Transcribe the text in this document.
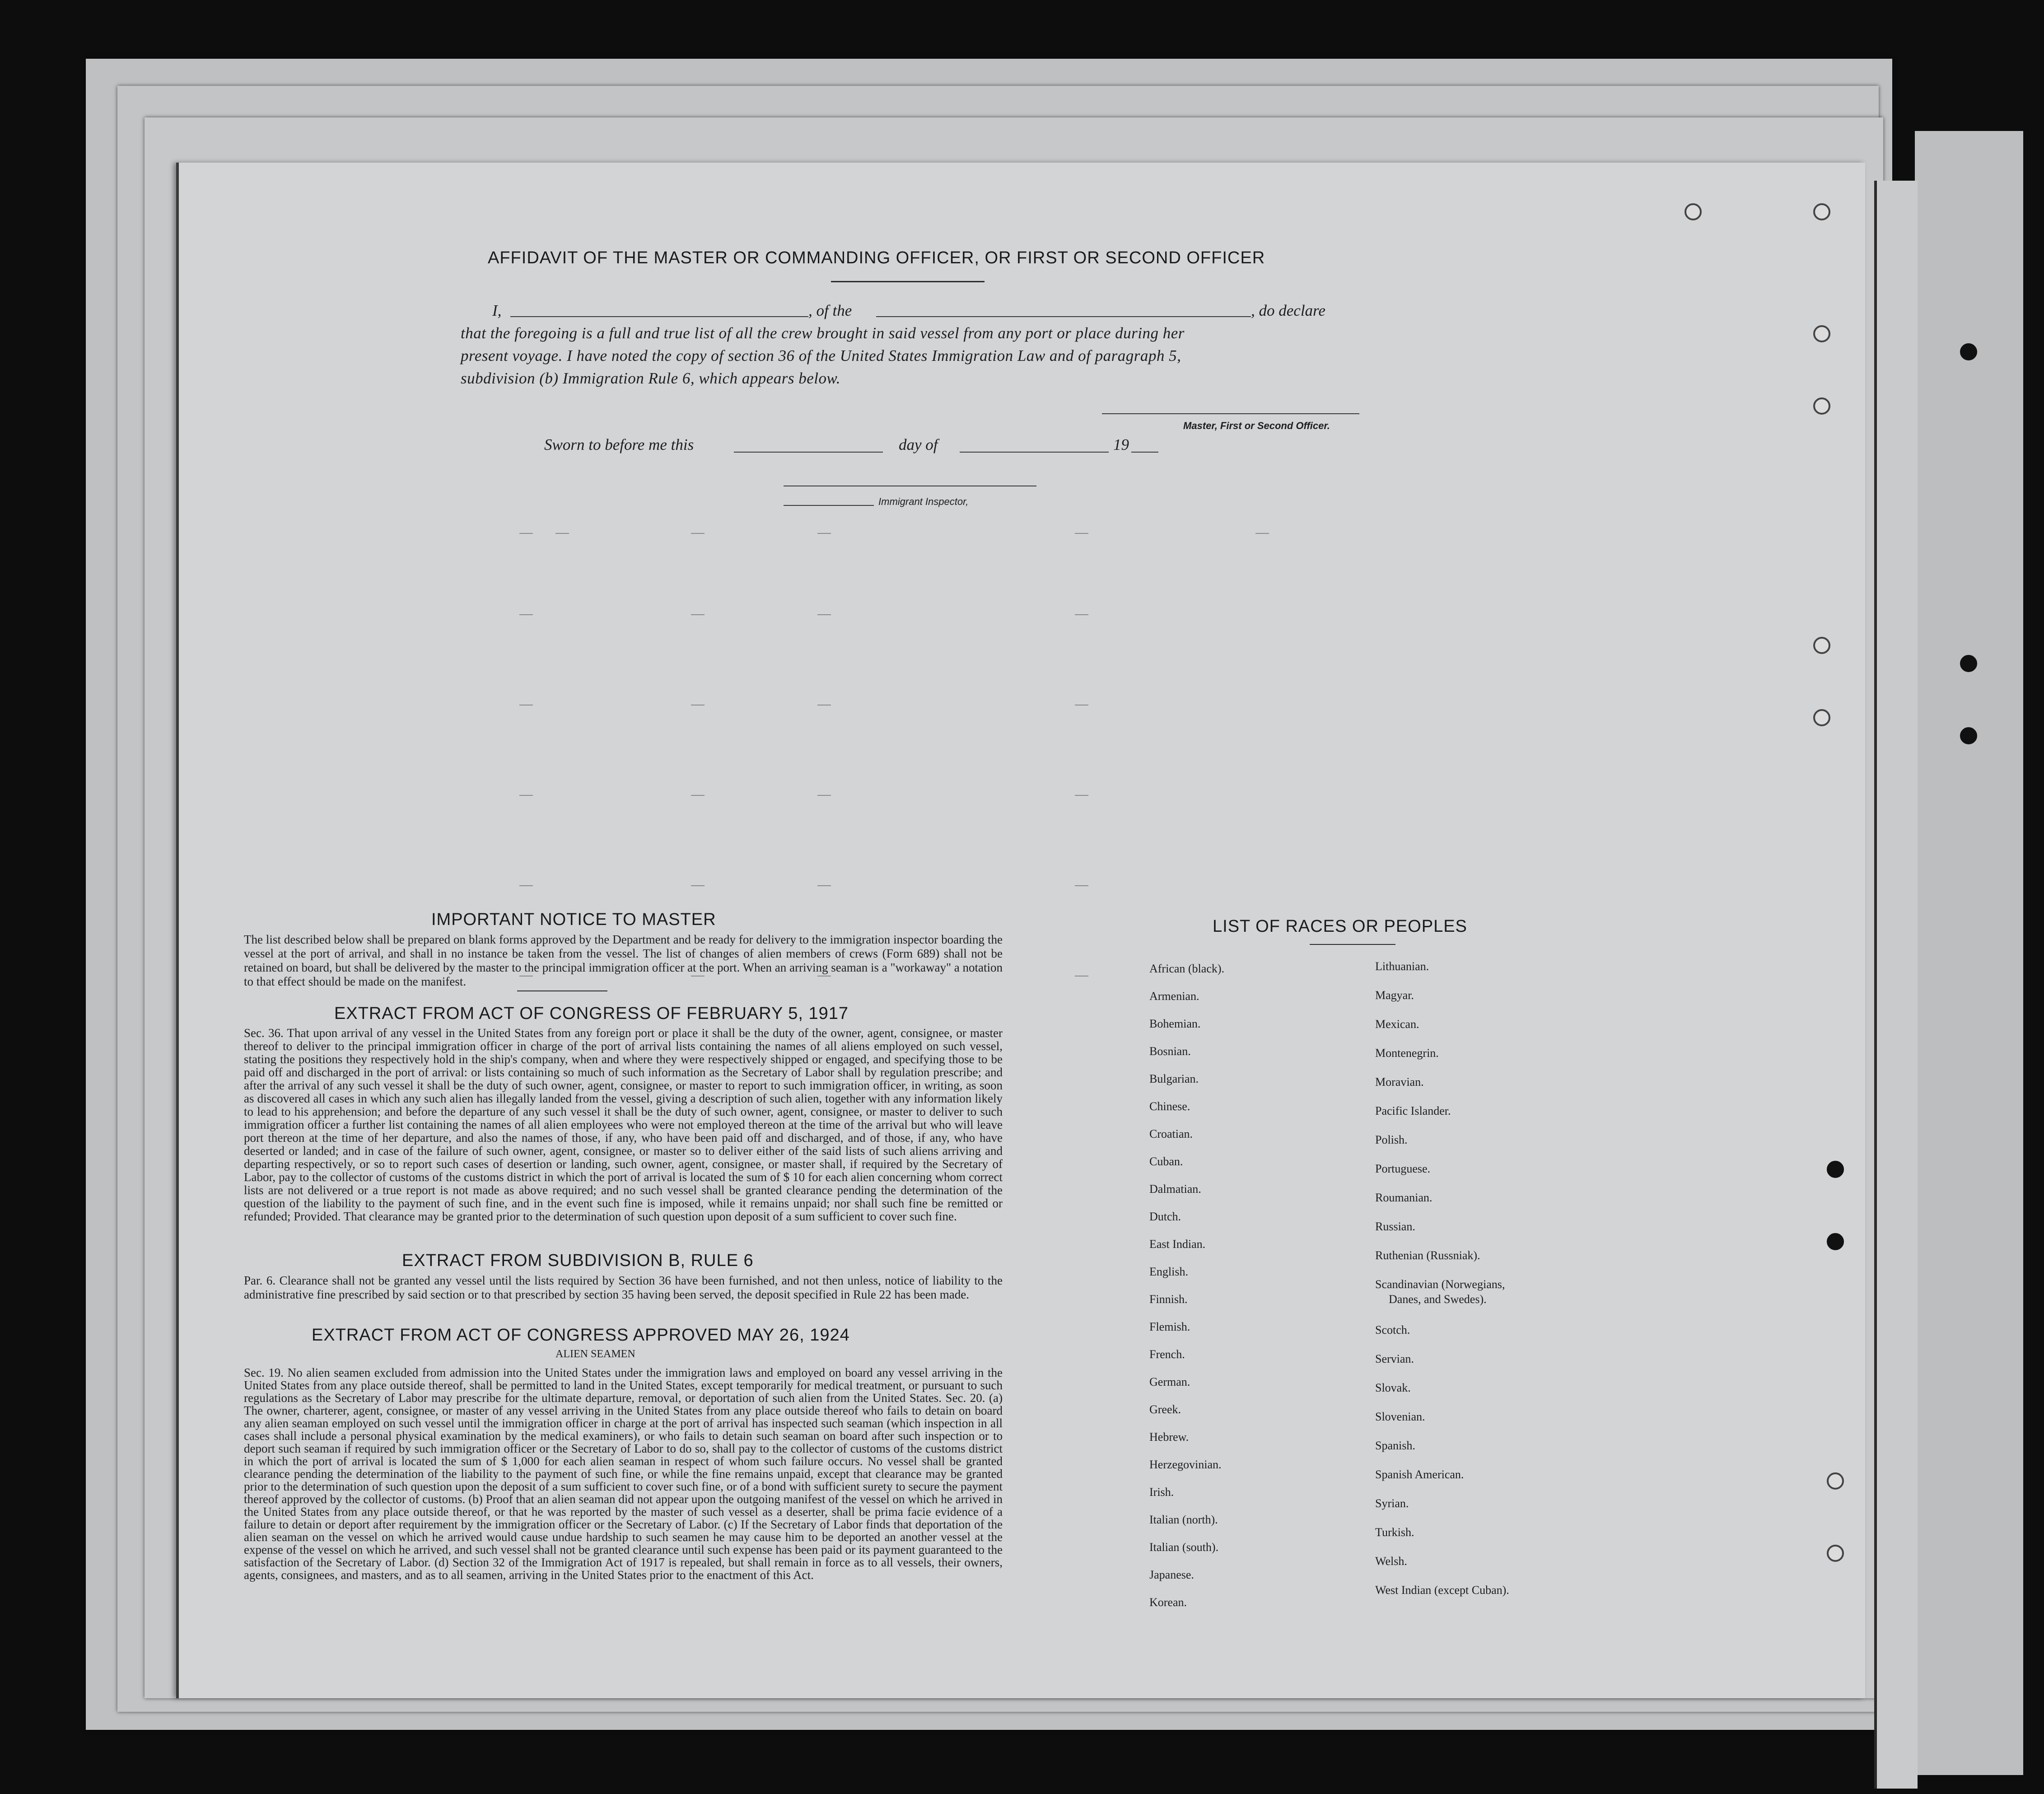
AFFIDAVIT OF THE MASTER OR COMMANDING OFFICER, OR FIRST OR SECOND OFFICER
I,	, of the	, do declare
that the foregoing is a full and true list of all the crew brought in said vessel from any port or place during her
present voyage. I have noted the copy of section 36 of the United States Immigration Law and of paragraph 5,
subdivision (b) Immigration Rule 6, which appears below.
Master, First or Second Officer.
Sworn to before me this	day of	19
Immigrant Inspector,
IMPORTANT NOTICE TO MASTER
The list described below shall be prepared on blank forms approved by the Department and be ready for delivery to the immigration inspector boarding the vessel at the port of arrival, and shall in no instance be taken from the vessel. The list of changes of alien members of crews (Form 689) shall not be retained on board, but shall be delivered by the master to the principal immigration officer at the port. When an arriving seaman is a "workaway" a notation to that effect should be made on the manifest.
EXTRACT FROM ACT OF CONGRESS OF FEBRUARY 5, 1917
Sec. 36. That upon arrival of any vessel in the United States from any foreign port or place it shall be the duty of the owner, agent, consignee, or master thereof to deliver to the principal immigration officer in charge of the port of arrival lists containing the names of all aliens employed on such vessel, stating the positions they respectively hold in the ship's company, when and where they were respectively shipped or engaged, and specifying those to be paid off and discharged in the port of arrival: or lists containing so much of such information as the Secretary of Labor shall by regulation prescribe; and after the arrival of any such vessel it shall be the duty of such owner, agent, consignee, or master to report to such immigration officer, in writing, as soon as discovered all cases in which any such alien has illegally landed from the vessel, giving a description of such alien, together with any information likely to lead to his apprehension; and before the departure of any such vessel it shall be the duty of such owner, agent, consignee, or master to deliver to such immigration officer a further list containing the names of all alien employees who were not employed thereon at the time of the arrival but who will leave port thereon at the time of her departure, and also the names of those, if any, who have been paid off and discharged, and of those, if any, who have deserted or landed; and in case of the failure of such owner, agent, consignee, or master so to deliver either of the said lists of such aliens arriving and departing respectively, or so to report such cases of desertion or landing, such owner, agent, consignee, or master shall, if required by the Secretary of Labor, pay to the collector of customs of the customs district in which the port of arrival is located the sum of $ 10 for each alien concerning whom correct lists are not delivered or a true report is not made as above required; and no such vessel shall be granted clearance pending the determination of the question of the liability to the payment of such fine, and in the event such fine is imposed, while it remains unpaid; nor shall such fine be remitted or refunded; Provided. That clearance may be granted prior to the determination of such question upon deposit of a sum sufficient to cover such fine.
EXTRACT FROM SUBDIVISION B, RULE 6
Par. 6. Clearance shall not be granted any vessel until the lists required by Section 36 have been furnished, and not then unless, notice of liability to the administrative fine prescribed by said section or to that prescribed by section 35 having been served, the deposit specified in Rule 22 has been made.
EXTRACT FROM ACT OF CONGRESS APPROVED MAY 26, 1924
ALIEN SEAMEN
Sec. 19. No alien seamen excluded from admission into the United States under the immigration laws and employed on board any vessel arriving in the United States from any place outside thereof, shall be permitted to land in the United States, except temporarily for medical treatment, or pursuant to such regulations as the Secretary of Labor may prescribe for the ultimate departure, removal, or deportation of such alien from the United States. Sec. 20. (a) The owner, charterer, agent, consignee, or master of any vessel arriving in the United States from any place outside thereof who fails to detain on board any alien seaman employed on such vessel until the immigration officer in charge at the port of arrival has inspected such seaman (which inspection in all cases shall include a personal physical examination by the medical examiners), or who fails to detain such seaman on board after such inspection or to deport such seaman if required by such immigration officer or the Secretary of Labor to do so, shall pay to the collector of customs of the customs district in which the port of arrival is located the sum of $ 1,000 for each alien seaman in respect of whom such failure occurs. No vessel shall be granted clearance pending the determination of the liability to the payment of such fine, or while the fine remains unpaid, except that clearance may be granted prior to the determination of such question upon the deposit of a sum sufficient to cover such fine, or of a bond with sufficient surety to secure the payment thereof approved by the collector of customs. (b) Proof that an alien seaman did not appear upon the outgoing manifest of the vessel on which he arrived in the United States from any place outside thereof, or that he was reported by the master of such vessel as a deserter, shall be prima facie evidence of a failure to detain or deport after requirement by the immigration officer or the Secretary of Labor. (c) If the Secretary of Labor finds that deportation of the alien seaman on the vessel on which he arrived would cause undue hardship to such seamen he may cause him to be deported an another vessel at the expense of the vessel on which he arrived, and such vessel shall not be granted clearance until such expense has been paid or its payment guaranteed to the satisfaction of the Secretary of Labor. (d) Section 32 of the Immigration Act of 1917 is repealed, but shall remain in force as to all vessels, their owners, agents, consignees, and masters, and as to all seamen, arriving in the United States prior to the enactment of this Act.
LIST OF RACES OR PEOPLES
African (black).
Armenian.
Bohemian.
Bosnian.
Bulgarian.
Chinese.
Croatian.
Cuban.
Dalmatian.
Dutch.
East Indian.
English.
Finnish.
Flemish.
French.
German.
Greek.
Hebrew.
Herzegovinian.
Irish.
Italian (north).
Italian (south).
Japanese.
Korean.
Lithuanian.
Magyar.
Mexican.
Montenegrin.
Moravian.
Pacific Islander.
Polish.
Portuguese.
Roumanian.
Russian.
Ruthenian (Russniak).
Scandinavian (Norwegians,
Danes, and Swedes).
Scotch.
Servian.
Slovak.
Slovenian.
Spanish.
Spanish American.
Syrian.
Turkish.
Welsh.
West Indian (except Cuban).
